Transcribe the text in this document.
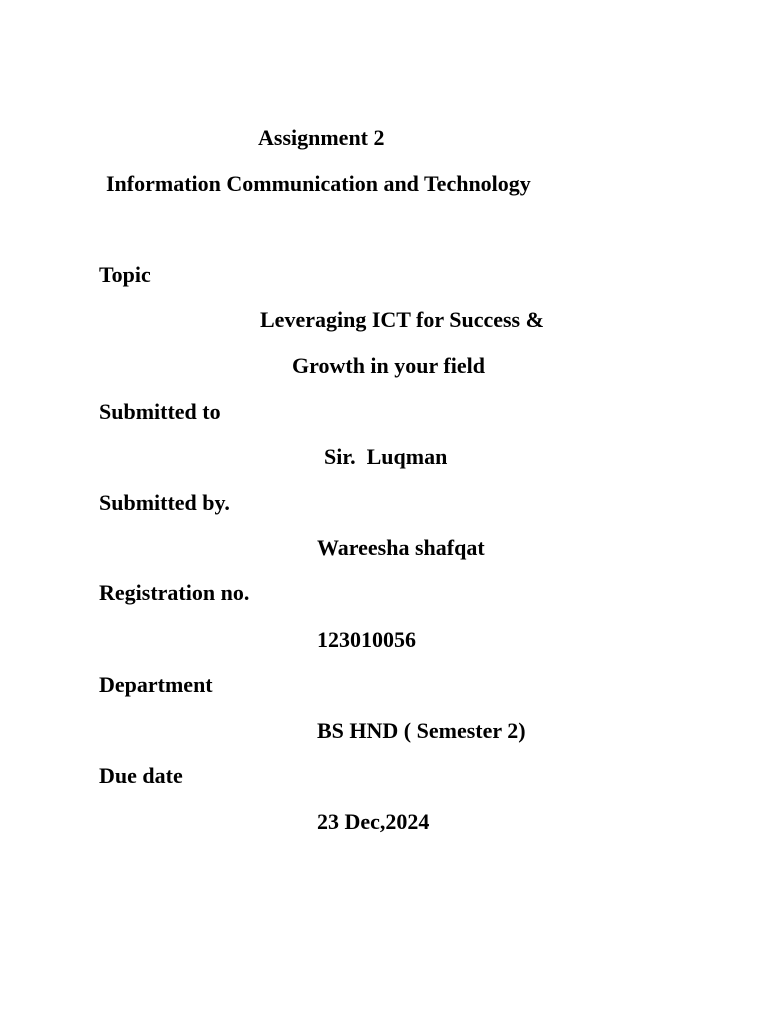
Assignment 2
Information Communication and Technology
Topic
Leveraging ICT for Success &
Growth in your field
Submitted to
Sir.  Luqman
Submitted by.
Wareesha shafqat
Registration no.
123010056
Department
BS HND ( Semester 2)
Due date
23 Dec,2024
